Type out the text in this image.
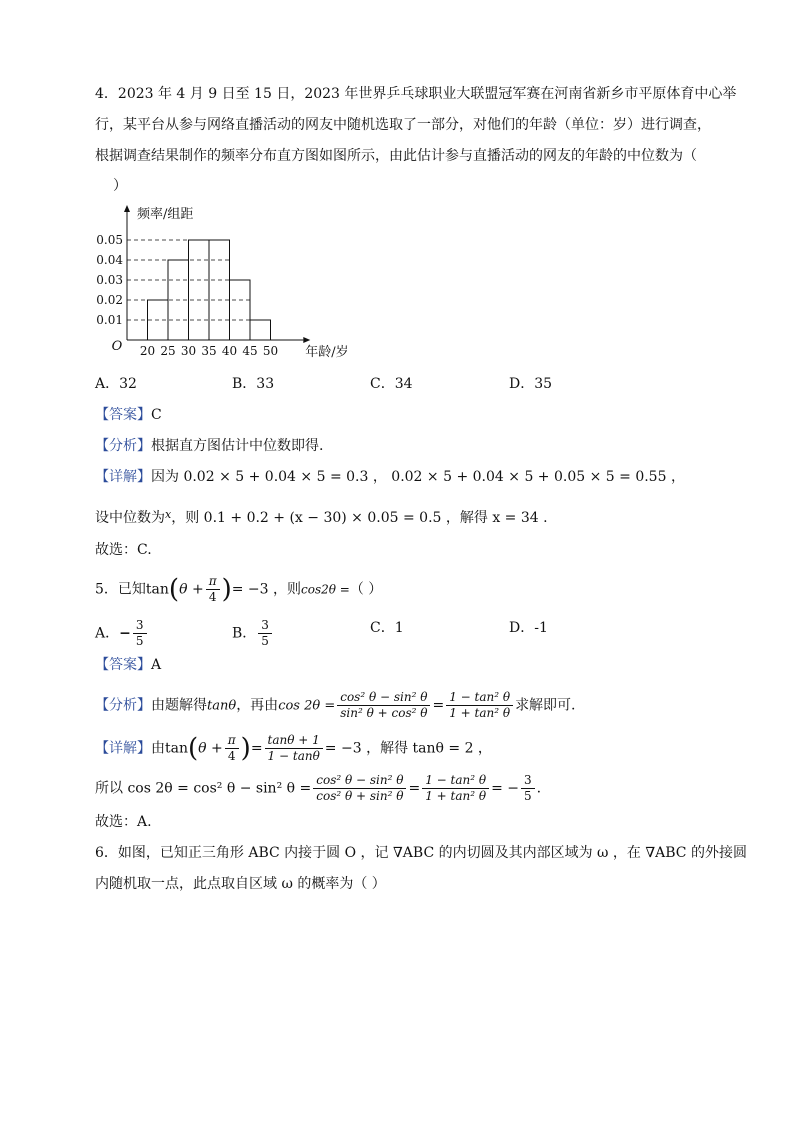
4．2023 年 4 月 9 日至 15 日，2023 年世界乒乓球职业大联盟冠军赛在河南省新乡市平原体育中心举
行，某平台从参与网络直播活动的网友中随机选取了一部分，对他们的年龄（单位：岁）进行调查，
根据调查结果制作的频率分布直方图如图所示，由此估计参与直播活动的网友的年龄的中位数为（
）
0.01
0.02
0.03
0.04
0.05
20 25 30 35 40 45 50
O
频率/组距
年龄/岁
A．32	B．33	C．34	D．35
【答案】C
【分析】根据直方图估计中位数即得.
【详解】因为 0.02 × 5 + 0.04 × 5 = 0.3 ， 0.02 × 5 + 0.04 × 5 + 0.05 × 5 = 0.55 ，
设中位数为$^x$，则 0.1 + 0.2 + (x − 30) × 0.05 = 0.5 ，解得 x = 34 .
故选：C.
5．已知$\tan(\theta + \frac{\pi}{4}$ )= −3 ，则cos2θ =（ ）
A．− $\frac{3}{5}$	B． $\frac{3}{5}$	C．1	D．-1
【答案】A
【分析】由题解得tanθ，再由$\cos 2\theta = \frac{\text{cos² θ − sin² θ}}{\text{sin² θ + cos² θ}} = \frac{\text{1 − tan² θ}}{\text{1 + tan² θ}}$ 求解即可.
【详解】由$\tan(\theta + \frac{\pi}{4}$ )= $\frac{\tan\theta + 1}{1 - \tan\theta} = -3$ ，解得 tanθ = 2 ，
所以 cos 2θ = cos² θ − sin² $\theta = \frac{\text{cos² θ − sin² θ}}{\text{cos² θ + sin² θ}} = \frac{\text{1 − tan² θ}}{\text{1 + tan² θ}}$ = − $\frac{3}{5}$ .
故选：A.
6．如图，已知正三角形 ABC 内接于圆 O ，记 ∇ABC 的内切圆及其内部区域为 ω ，在 ∇ABC 的外接圆
内随机取一点，此点取自区域 ω 的概率为（ ）
